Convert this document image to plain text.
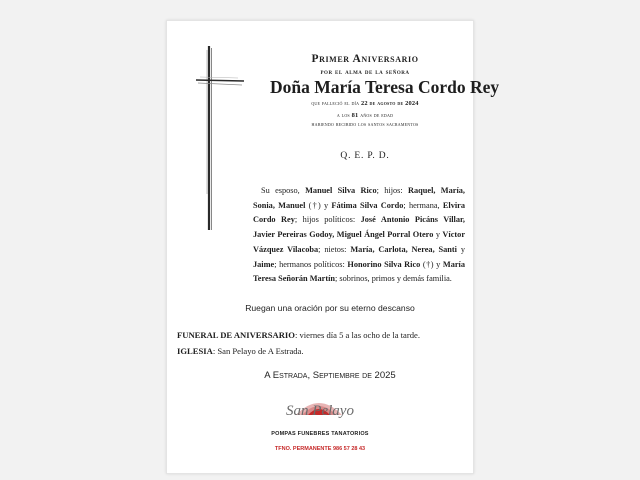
Primer Aniversario

por el alma de la señora

Doña María Teresa Cordo Rey

que falleció el día 22 de agosto de 2024

a los 81 años de edad

habiendo recibido los santos sacramentos

Q. E. P. D.

Su esposo, Manuel Silva Rico; hijos: Raquel, María, Sonia, Manuel (†) y Fátima Silva Cordo; hermana, Elvira Cordo Rey; hijos políticos: José Antonio Picáns Villar, Javier Pereiras Godoy, Miguel Ángel Porral Otero y Víctor Vázquez Vilacoba; nietos: María, Carlota, Nerea, Santi y Jaime; hermanos políticos: Honorino Silva Rico (†) y María Teresa Señorán Martín; sobrinos, primos y demás familia.

Ruegan una oración por su eterno descanso

FUNERAL DE ANIVERSARIO: viernes día 5 a las ocho de la tarde.

IGLESIA: San Pelayo de A Estrada.

A Estrada, Septiembre de 2025

San Pelayo

POMPAS FUNEBRES TANATORIOS

TFNO. PERMANENTE 986 57 28 43
